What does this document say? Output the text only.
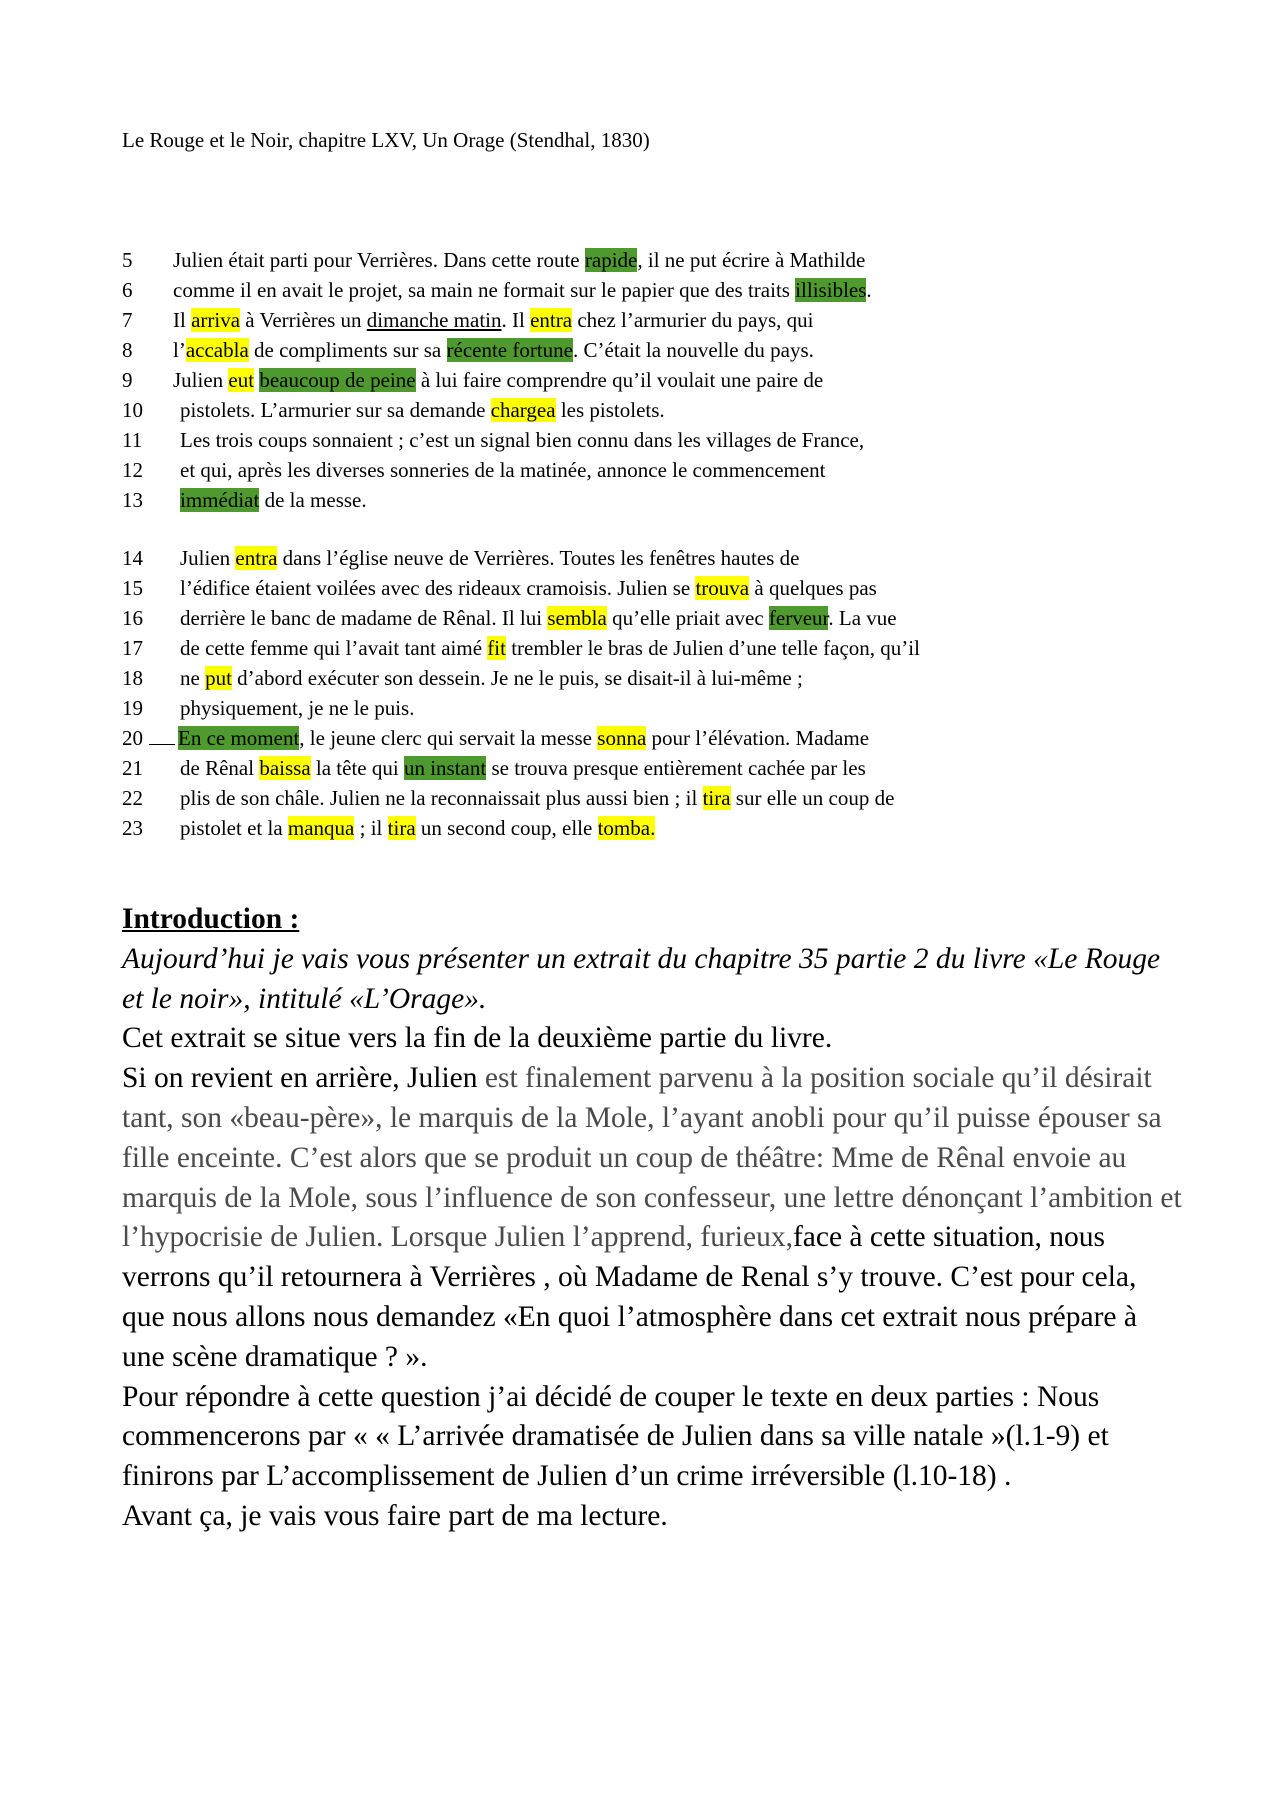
Le Rouge et le Noir, chapitre LXV, Un Orage (Stendhal, 1830)
5 Julien était parti pour Verrières. Dans cette route rapide, il ne put écrire à Mathilde
6 comme il en avait le projet, sa main ne formait sur le papier que des traits illisibles.
7 Il arriva à Verrières un dimanche matin. Il entra chez l’armurier du pays, qui
8 l’accabla de compliments sur sa récente fortune. C’était la nouvelle du pays.
9 Julien eut beaucoup de peine à lui faire comprendre qu’il voulait une paire de
10 pistolets. L’armurier sur sa demande chargea les pistolets.
11 Les trois coups sonnaient ; c’est un signal bien connu dans les villages de France,
12 et qui, après les diverses sonneries de la matinée, annonce le commencement
13 immédiat de la messe.
14 Julien entra dans l’église neuve de Verrières. Toutes les fenêtres hautes de
15 l’édifice étaient voilées avec des rideaux cramoisis. Julien se trouva à quelques pas
16 derrière le banc de madame de Rênal. Il lui sembla qu’elle priait avec ferveur. La vue
17 de cette femme qui l’avait tant aimé fit trembler le bras de Julien d’une telle façon, qu’il
18 ne put d’abord exécuter son dessein. Je ne le puis, se disait-il à lui-même ;
19 physiquement, je ne le puis.
20	En ce moment, le jeune clerc qui servait la messe sonna pour l’élévation. Madame
21 de Rênal baissa la tête qui un instant se trouva presque entièrement cachée par les
22 plis de son châle. Julien ne la reconnaissait plus aussi bien ; il tira sur elle un coup de
23 pistolet et la manqua ; il tira un second coup, elle tomba.

Introduction :

Aujourd’hui je vais vous présenter un extrait du chapitre 35 partie 2 du livre «Le Rouge et le noir», intitulé «L’Orage».

Cet extrait se situe vers la fin de la deuxième partie du livre.

Si on revient en arrière, Julien est finalement parvenu à la position sociale qu’il désirait tant, son «beau-père», le marquis de la Mole, l’ayant anobli pour qu’il puisse épouser sa fille enceinte. C’est alors que se produit un coup de théâtre: Mme de Rênal envoie au marquis de la Mole, sous l’influence de son confesseur, une lettre dénonçant l’ambition et l’hypocrisie de Julien. Lorsque Julien l’apprend, furieux,face à cette situation, nous verrons qu’il retournera à Verrières , où Madame de Renal s’y trouve. C’est pour cela, que nous allons nous demandez «En quoi l’atmosphère dans cet extrait nous prépare à une scène dramatique ? ».

Pour répondre à cette question j’ai décidé de couper le texte en deux parties : Nous commencerons par « « L’arrivée dramatisée de Julien dans sa ville natale »(l.1-9) et finirons par L’accomplissement de Julien d’un crime irréversible (l.10-18) .

Avant ça, je vais vous faire part de ma lecture.
